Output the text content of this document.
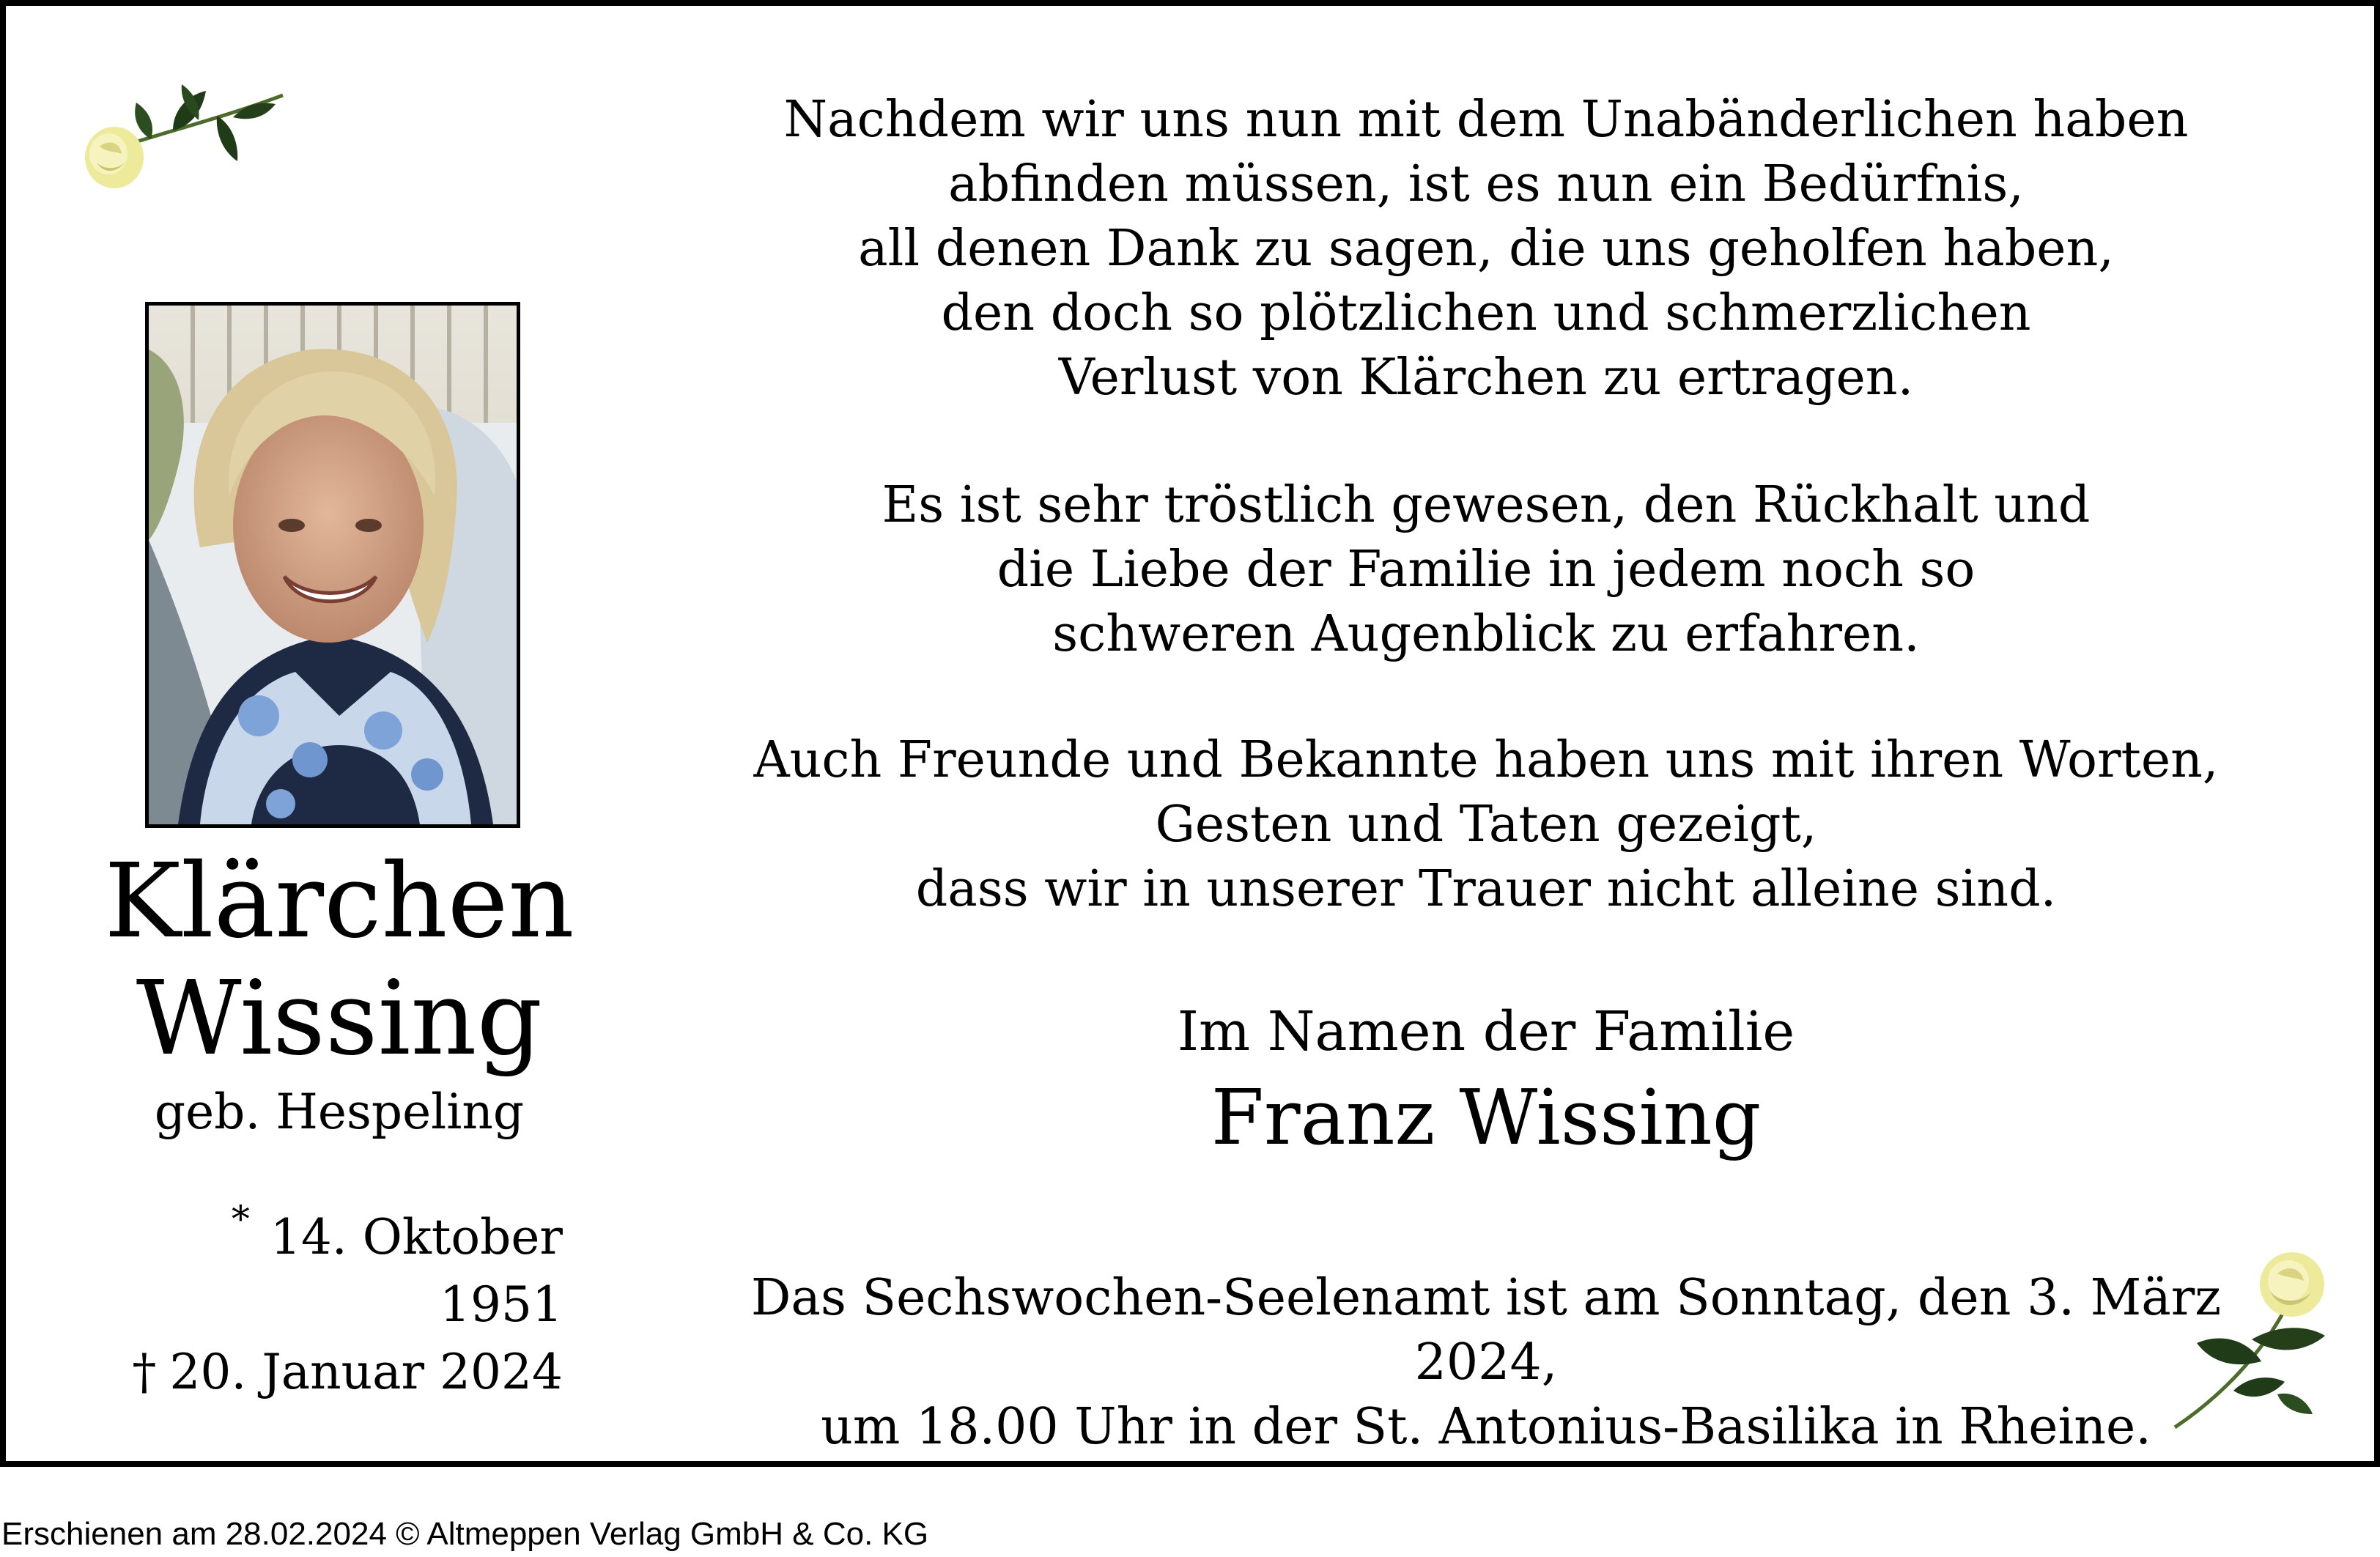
Klärchen
Wissing
geb. Hespeling
* 14. Oktober 1951
† 20. Januar 2024
Nachdem wir uns nun mit dem Unabänderlichen haben
abfinden müssen, ist es nun ein Bedürfnis,
all denen Dank zu sagen, die uns geholfen haben,
den doch so plötzlichen und schmerzlichen
Verlust von Klärchen zu ertragen.
Es ist sehr tröstlich gewesen, den Rückhalt und
die Liebe der Familie in jedem noch so
schweren Augenblick zu erfahren.
Auch Freunde und Bekannte haben uns mit ihren Worten,
Gesten und Taten gezeigt,
dass wir in unserer Trauer nicht alleine sind.
Im Namen der Familie
Franz Wissing
Das Sechswochen-Seelenamt ist am Sonntag, den 3. März 2024,
um 18.00 Uhr in der St. Antonius-Basilika in Rheine.
Erschienen am 28.02.2024 © Altmeppen Verlag GmbH & Co. KG
